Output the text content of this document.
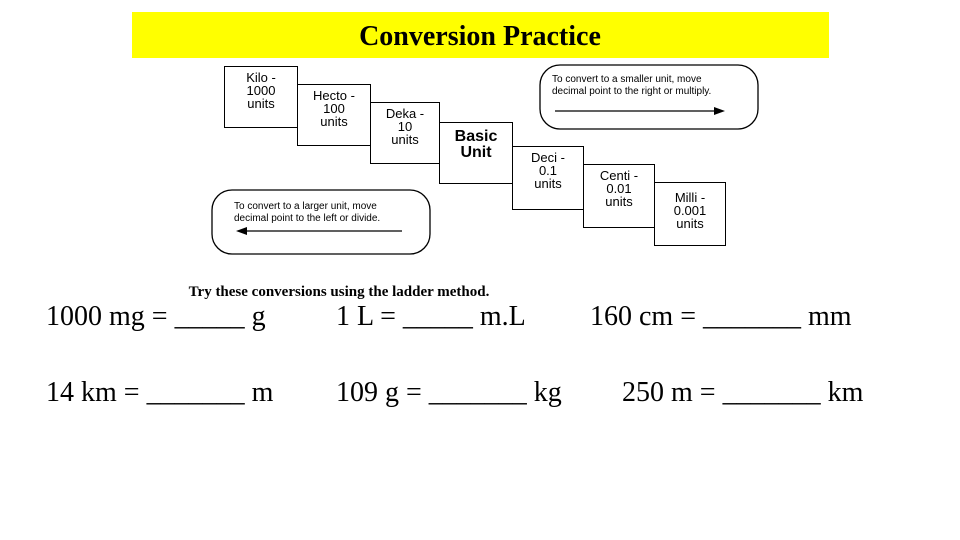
Conversion Practice
Kilo -
1000
units
Hecto -
100
units
Deka -
10
units	Basic
Unit	Deci -
0.1
units
Centi -
0.01
units	Milli -
0.001
units
To convert to a smaller unit, move
decimal point to the right or multiply.
To convert to a larger unit, move
decimal point to the left or divide.
Try these conversions using the ladder method.
1000 mg = _____ g	1 L = _____ m.L 160 cm = _______ mm
14 km = _______ m 109 g = _______ kg 250 m = _______ km
